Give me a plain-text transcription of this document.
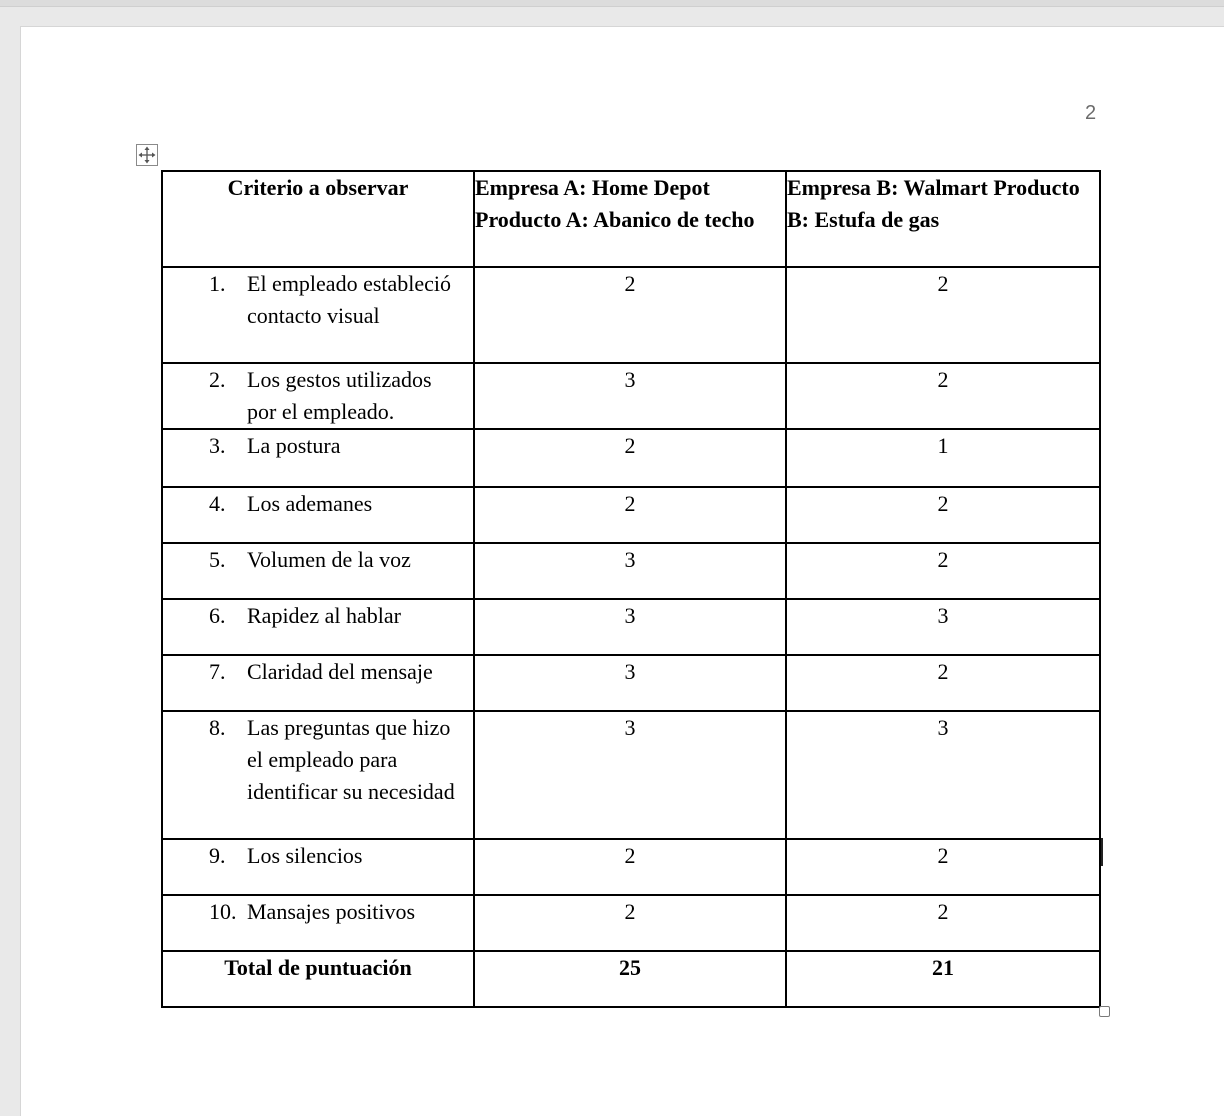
2
Criterio a observar	Empresa A: Home Depot Producto A: Abanico de techo	Empresa B: Walmart Producto B: Estufa de gas

1. El empleado estableció contacto visual	2	2

2. Los gestos utilizados por el empleado.	3	2

3. La postura	2	1

4. Los ademanes	2	2

5. Volumen de la voz	3	2

6. Rapidez al hablar	3	3

7. Claridad del mensaje	3	2

8. Las preguntas que hizo el empleado para identificar su necesidad	3	3

9. Los silencios	2	2

10. Mansajes positivos	2	2
Total de puntuación	25	21
